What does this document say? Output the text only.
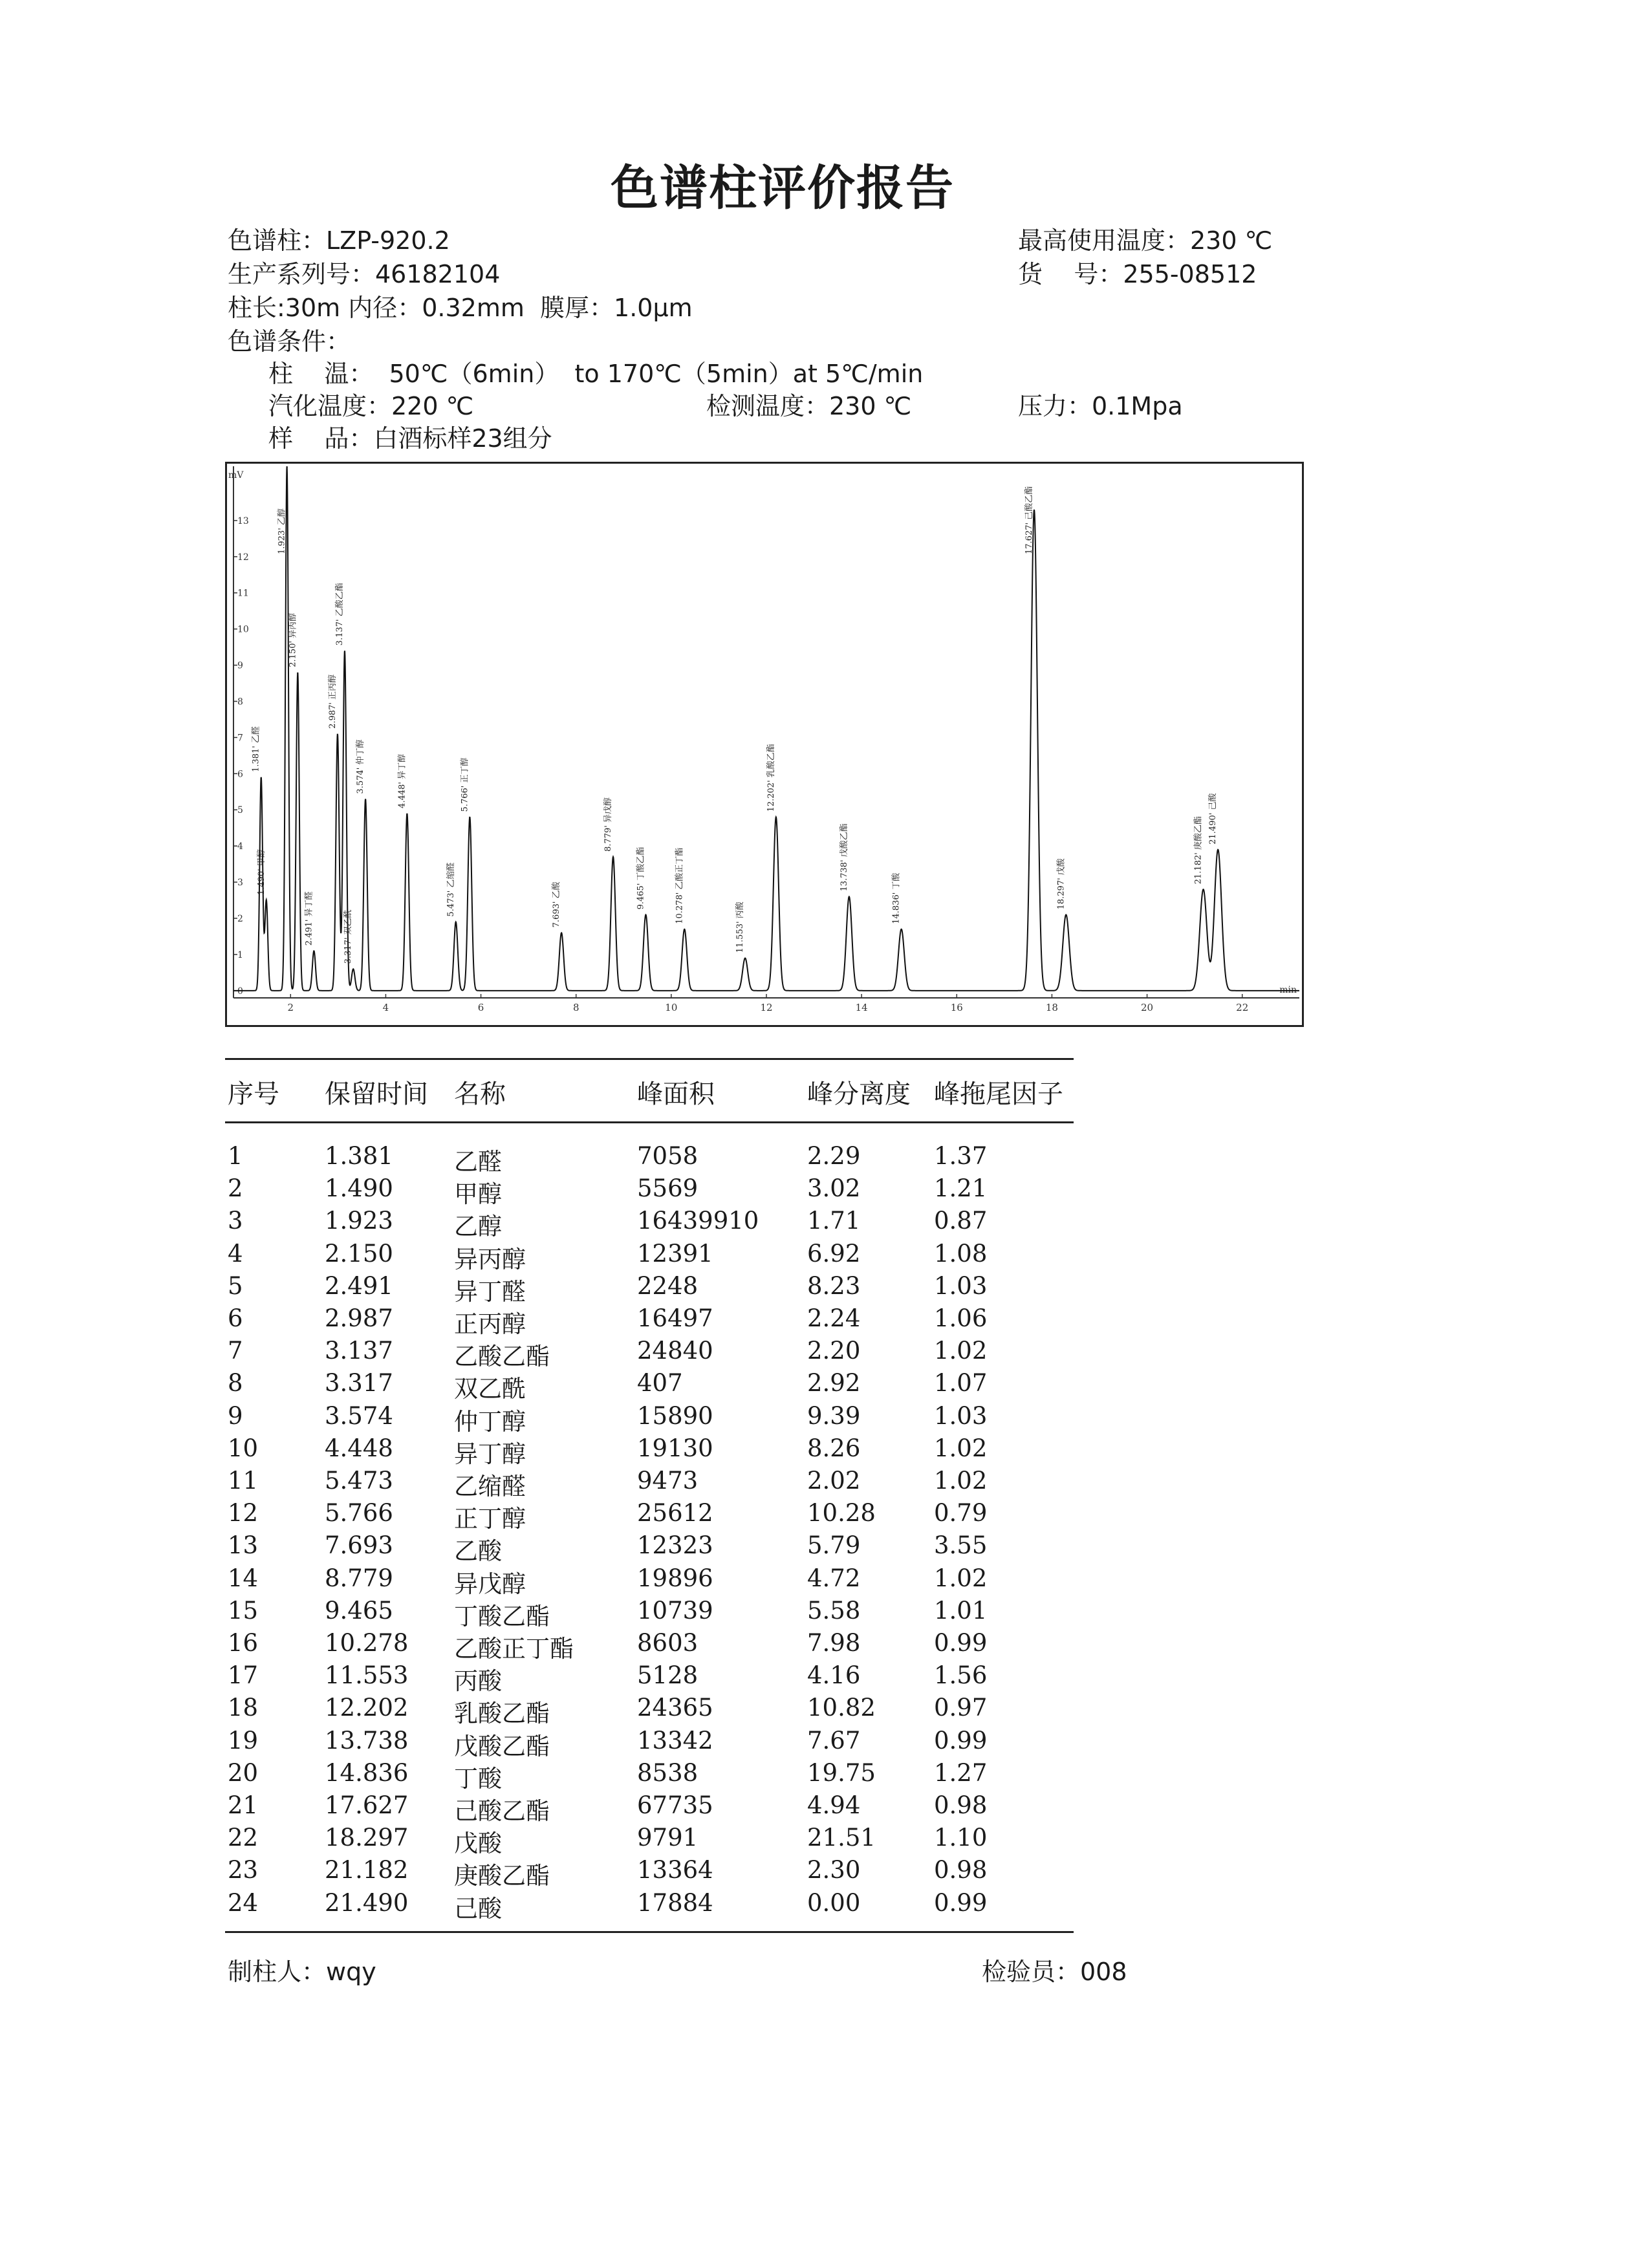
色谱柱评价报告
色谱柱：LZP-920.2
生产系列号：46182104
柱长:30m 内径：0.32mm  膜厚：1.0μm
色谱条件：
柱    温：  50℃（6min）  to 170℃（5min）at 5℃/min
汽化温度：220 ℃	检测温度：230 ℃	压力：0.1Mpa
样    品：白酒标样23组分
最高使用温度：230 ℃
货    号：255-08512
mV
0
1
2
3
4
5
6
7
8
9
10
11
12
13
2	4	6	8	10	12	14	16	18	20	22
min
1.381' 乙醛
1.490' 甲醇
1.923' 乙醇
2.150' 异丙醇
2.491' 异丁醛
2.987' 正丙醇
3.137' 乙酸乙酯
3.317' 双乙酰
3.574' 仲丁醇	4.448' 异丁醇
5.473' 乙缩醛
5.766' 正丁醇
7.693' 乙酸
8.779' 异戊醇
9.465' 丁酸乙酯	10.278' 乙酸正丁酯
11.553' 丙酸
12.202' 乳酸乙酯
13.738' 戊酸乙酯
14.836' 丁酸
17.627' 己酸乙酯
18.297' 戊酸	21.182' 庚酸乙酯 21.490' 己酸
序号 保留时间 名称	峰面积	峰分离度 峰拖尾因子
1	1.381	乙醛	7058	2.29	1.37
2	1.490	甲醇	5569	3.02	1.21
3	1.923	乙醇	16439910 1.71	0.87
4	2.150	异丙醇	12391	6.92	1.08
5	2.491	异丁醛	2248	8.23	1.03
6	2.987	正丙醇	16497	2.24	1.06
7	3.137	乙酸乙酯	24840	2.20	1.02
8	3.317	双乙酰	407	2.92	1.07
9	3.574	仲丁醇	15890	9.39	1.03
10	4.448	异丁醇	19130	8.26	1.02
11	5.473	乙缩醛	9473	2.02	1.02
12	5.766	正丁醇	25612	10.28 0.79
13	7.693	乙酸	12323	5.79	3.55
14	8.779	异戊醇	19896	4.72	1.02
15	9.465	丁酸乙酯	10739	5.58	1.01
16	10.278 乙酸正丁酯	8603	7.98	0.99
17	11.553 丙酸	5128	4.16	1.56
18	12.202 乳酸乙酯	24365	10.82 0.97
19	13.738 戊酸乙酯	13342	7.67	0.99
20	14.836 丁酸	8538	19.75 1.27
21	17.627 己酸乙酯	67735	4.94	0.98
22	18.297 戊酸	9791	21.51 1.10
23	21.182 庚酸乙酯	13364	2.30	0.98
24	21.490 己酸	17884	0.00	0.99
制柱人：wqy	检验员：008
